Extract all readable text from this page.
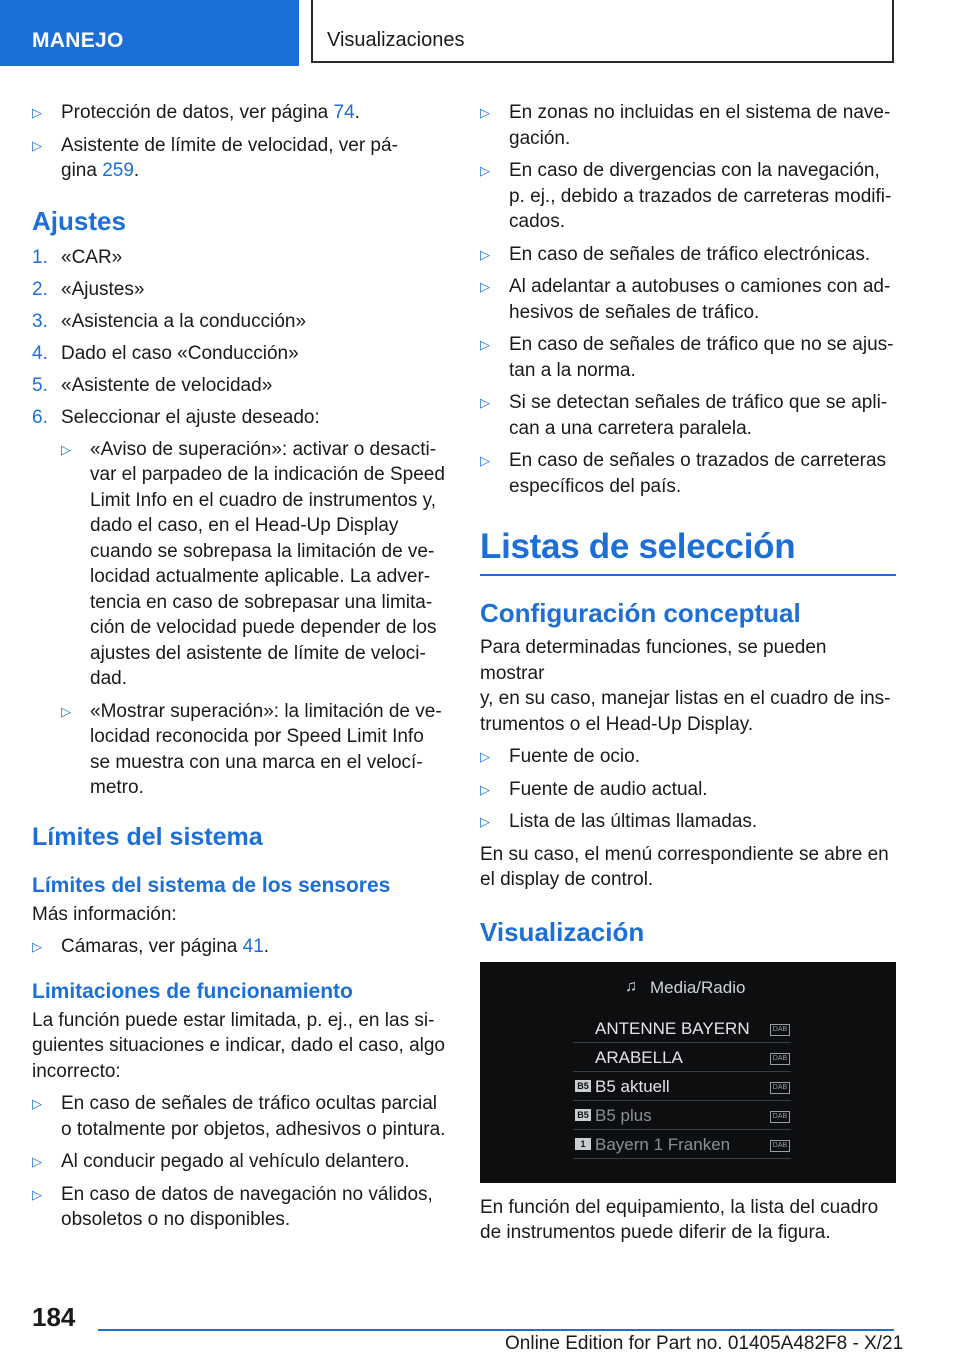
MANEJO	Visualizaciones
▷ Protección de datos, ver página 74.
▷ Asistente de límite de velocidad, ver pá-
gina 259.
Ajustes
1. «CAR»
2. «Ajustes»
3. «Asistencia a la conducción»
4. Dado el caso «Conducción»
5. «Asistente de velocidad»
6. Seleccionar el ajuste deseado:
▷ «Aviso de superación»: activar o desacti-
var el parpadeo de la indicación de Speed
Limit Info en el cuadro de instrumentos y,
dado el caso, en el Head-Up Display
cuando se sobrepasa la limitación de ve-
locidad actualmente aplicable. La adver-
tencia en caso de sobrepasar una limita-
ción de velocidad puede depender de los
ajustes del asistente de límite de veloci-
dad.
▷ «Mostrar superación»: la limitación de ve-
locidad reconocida por Speed Limit Info
se muestra con una marca en el velocí-
metro.
Límites del sistema
Límites del sistema de los sensores
Más información:
▷ Cámaras, ver página 41.
Limitaciones de funcionamiento
La función puede estar limitada, p. ej., en las si-
guientes situaciones e indicar, dado el caso, algo
incorrecto:
▷ En caso de señales de tráfico ocultas parcial
o totalmente por objetos, adhesivos o pintura.
▷ Al conducir pegado al vehículo delantero.
▷ En caso de datos de navegación no válidos,
obsoletos o no disponibles.
▷ En zonas no incluidas en el sistema de nave-
gación.
▷ En caso de divergencias con la navegación,
p. ej., debido a trazados de carreteras modifi-
cados.
▷ En caso de señales de tráfico electrónicas.
▷ Al adelantar a autobuses o camiones con ad-
hesivos de señales de tráfico.
▷ En caso de señales de tráfico que no se ajus-
tan a la norma.
▷ Si se detectan señales de tráfico que se apli-
can a una carretera paralela.
▷ En caso de señales o trazados de carreteras
específicos del país.
Listas de selección
Configuración conceptual
Para determinadas funciones, se pueden mostrar
y, en su caso, manejar listas en el cuadro de ins-
trumentos o el Head-Up Display.
▷ Fuente de ocio.
▷ Fuente de audio actual.
▷ Lista de las últimas llamadas.
En su caso, el menú correspondiente se abre en
el display de control.
Visualización
♫ Media/Radio
ANTENNE BAYERN	DAB
ARABELLA	DAB
B5 B5 aktuell	DAB
B5 B5 plus	DAB
1 Bayern 1 Franken	DAB
En función del equipamiento, la lista del cuadro
de instrumentos puede diferir de la figura.
184
Online Edition for Part no. 01405A482F8 - X/21
